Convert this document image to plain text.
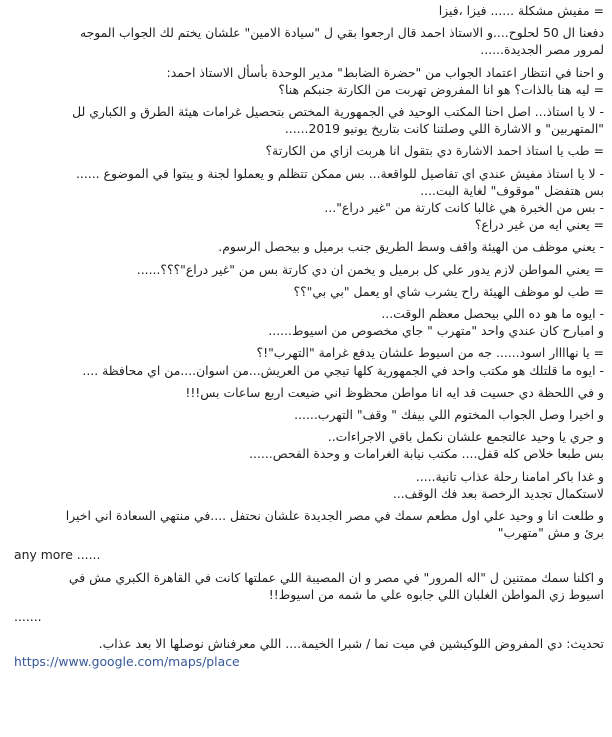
= مفيش مشكلة ...... فيزا ،فيزا
دفعنا ال 50 لحلوح....و الاستاذ احمد قال ارجعوا بقي ل "سيادة الامين" علشان يختم لك الجواب الموجه
لمرور مصر الجديدة......
و احنا في انتظار اعتماد الجواب من "حضرة الضابط" مدير الوحدة بأسأل الاستاذ احمد:
= ليه هنا بالذات؟ هو انا المفروض تهربت من الكارتة جنبكم هنا؟
- لا يا استاذ... اصل احنا المكتب الوحيد في الجمهورية المختص بتحصيل غرامات هيئة الطرق و الكباري لل
"المتهربين" و الاشارة اللي وصلتنا كانت بتاريخ يونيو 2019......
= طب يا استاذ احمد الاشارة دي بتقول انا هربت ازاي من الكارتة؟
- لا يا استاذ مفيش عندي اي تفاصيل للواقعة... بس ممكن تتظلم و يعملوا لجنة و يبتوا في الموضوع ......
بس هتفضل "موقوف" لغاية البت....
- بس من الخبرة هي غالبا كانت كارتة من "غير دراع"...
= يعني ايه من غير دراع؟
- يعني موظف من الهيئة واقف وسط الطريق جنب برميل و بيحصل الرسوم.
= يعني المواطن لازم يدور علي كل برميل و يخمن ان دي كارتة بس من "غير دراع"؟؟؟......
= طب لو موظف الهيئة راح يشرب شاي او يعمل "بي بي"؟؟
- ايوه ما هو ده اللي بيحصل معظم الوقت...
و امبارح كان عندي واحد "متهرب " جاي مخصوص من اسيوط......
= يا نهاااار اسود...... جه من اسيوط علشان يدفع غرامة "التهرب"!؟
- ايوه ما قلتلك هو مكتب واحد في الجمهورية كلها تيجي من العريش...من اسوان....من اي محافظة ....
و في اللحظة دي حسيت قد ايه انا مواطن محظوظ اني ضيعت اربع ساعات بس!!!
و اخيرا وصل الجواب المختوم اللي بيفك " وقف" التهرب......
و جري يا وحيد عالتجمع علشان نكمل باقي الاجراءات..
بس طبعا خلاص كله قفل.... مكتب نيابة الغرامات و وحدة الفحص......
و غدا باكر امامنا رحلة عذاب تانية.....
لاستكمال تجديد الرخصة بعد فك الوقف...
و طلعت انا و وحيد علي اول مطعم سمك في مصر الجديدة علشان نحتفل ....في منتهي السعادة اني اخيرا
برئ و مش "متهرب"
any more ......
و اكلنا سمك ممتنين ل "اله المرور" في مصر و ان المصيبة اللي عملتها كانت في القاهرة الكبري مش في
اسيوط زي المواطن الغلبان اللي جابوه علي ما شمه من اسيوط!!
.......
تحديث: دي المفروض اللوكيشين في ميت نما / شبرا الخيمة.... اللي معرفناش نوصلها الا بعد عذاب.
https://www.google.com/maps/place
